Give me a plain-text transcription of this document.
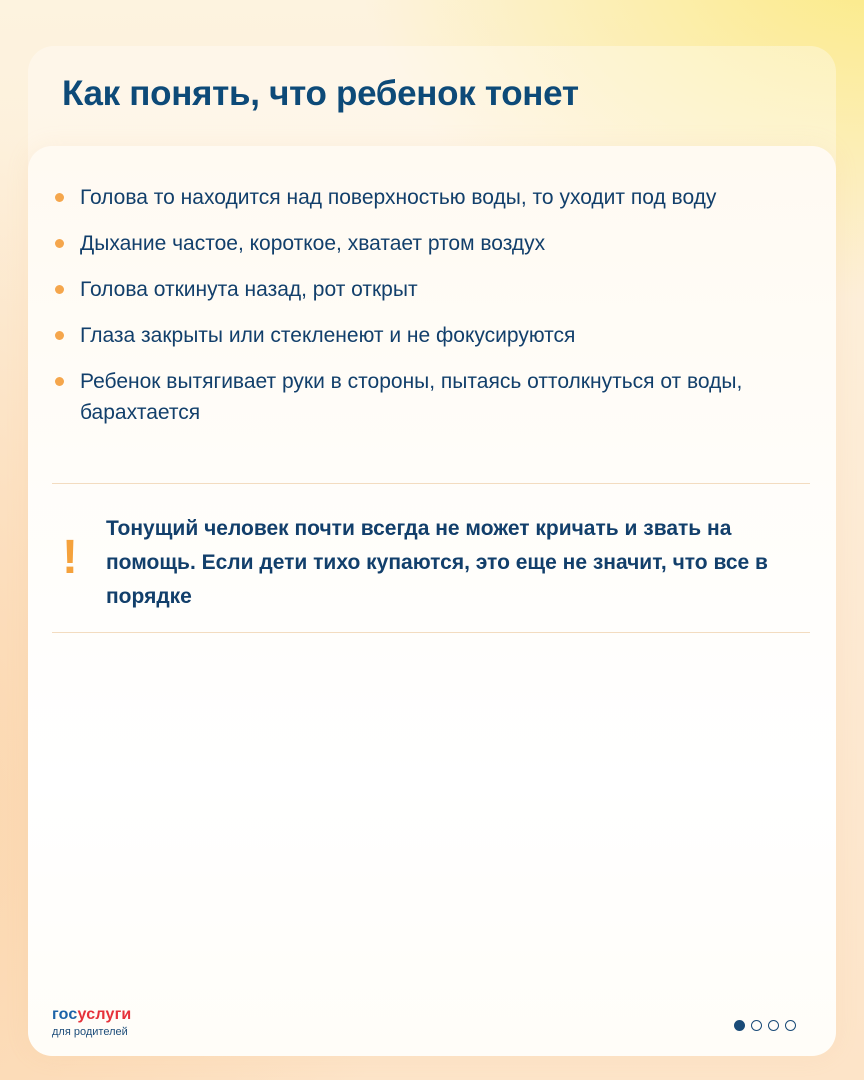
Как понять, что ребенок тонет
Голова то находится над поверхностью воды, то уходит под воду
Дыхание частое, короткое, хватает ртом воздух
Голова откинута назад, рот открыт
Глаза закрыты или стекленеют и не фокусируются
Ребенок вытягивает руки в стороны, пытаясь оттолкнуться от воды, барахтается
!

Тонущий человек почти всегда не может кричать и звать на помощь. Если дети тихо купаются, это еще не значит, что все в порядке

госуслуги
для родителей
